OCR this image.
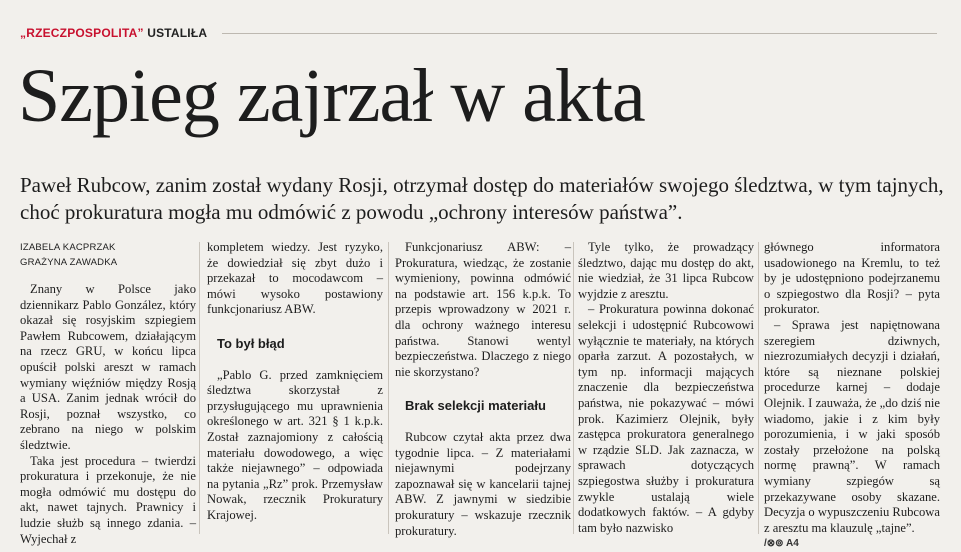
„RZECZPOSPOLITA” USTALIŁA
Szpieg zajrzał w akta

Paweł Rubcow, zanim został wydany Rosji, otrzymał dostęp do materiałów swojego śledztwa, w tym tajnych, choć prokuratura mogła mu odmówić z powodu „ochrony interesów państwa”.

IZABELA KACPRZAK
GRAŻYNA ZAWADKA

Znany w Polsce jako dziennikarz Pablo González, który okazał się rosyjskim szpiegiem Pawłem Rubcowem, działającym na rzecz GRU, w końcu lipca opuścił polski areszt w ramach wymiany więźniów między Rosją a USA. Zanim jednak wrócił do Rosji, poznał wszystko, co zebrano na niego w polskim śledztwie.

Taka jest procedura – twierdzi prokuratura i przekonuje, że nie mogła odmówić mu dostępu do akt, nawet tajnych. Prawnicy i ludzie służb są innego zdania. – Wyjechał z

kompletem wiedzy. Jest ryzyko, że dowiedział się zbyt dużo i przekazał to mocodawcom – mówi wysoko postawiony funkcjonariusz ABW.

To był błąd

„Pablo G. przed zamknięciem śledztwa skorzystał z przysługującego mu uprawnienia określonego w art. 321 § 1 k.p.k. Został zaznajomiony z całością materiału dowodowego, a więc także niejawnego” – odpowiada na pytania „Rz” prok. Przemysław Nowak, rzecznik Prokuratury Krajowej.

Funkcjonariusz ABW: – Prokuratura, wiedząc, że zostanie wymieniony, powinna odmówić na podstawie art. 156 k.p.k. To przepis wprowadzony w 2021 r. dla ochrony ważnego interesu państwa. Stanowi wentyl bezpieczeństwa. Dlaczego z niego nie skorzystano?

Brak selekcji materiału

Rubcow czytał akta przez dwa tygodnie lipca. – Z materiałami niejawnymi podejrzany zapoznawał się w kancelarii tajnej ABW. Z jawnymi w siedzibie prokuratury – wskazuje rzecznik prokuratury.

Tyle tylko, że prowadzący śledztwo, dając mu dostęp do akt, nie wiedział, że 31 lipca Rubcow wyjdzie z aresztu.

– Prokuratura powinna dokonać selekcji i udostępnić Rubcowowi wyłącznie te materiały, na których oparła zarzut. A pozostałych, w tym np. informacji mających znaczenie dla bezpieczeństwa państwa, nie pokazywać – mówi prok. Kazimierz Olejnik, były zastępca prokuratora generalnego w rządzie SLD. Jak zaznacza, w sprawach dotyczących szpiegostwa służby i prokuratura zwykle ustalają wiele dodatkowych faktów. – A gdyby tam było nazwisko

głównego informatora usadowionego na Kremlu, to też by je udostępniono podejrzanemu o szpiegostwo dla Rosji? – pyta prokurator.

– Sprawa jest napiętnowana szeregiem dziwnych, niezrozumiałych decyzji i działań, które są nieznane polskiej procedurze karnej – dodaje Olejnik. I zauważa, że „do dziś nie wiadomo, jakie i z kim były porozumienia, i w jaki sposób zostały przełożone na polską normę prawną”. W ramach wymiany szpiegów są przekazywane osoby skazane. Decyzja o wypuszczeniu Rubcowa z aresztu ma klauzulę „tajne”.

/⊗⊚ A4
